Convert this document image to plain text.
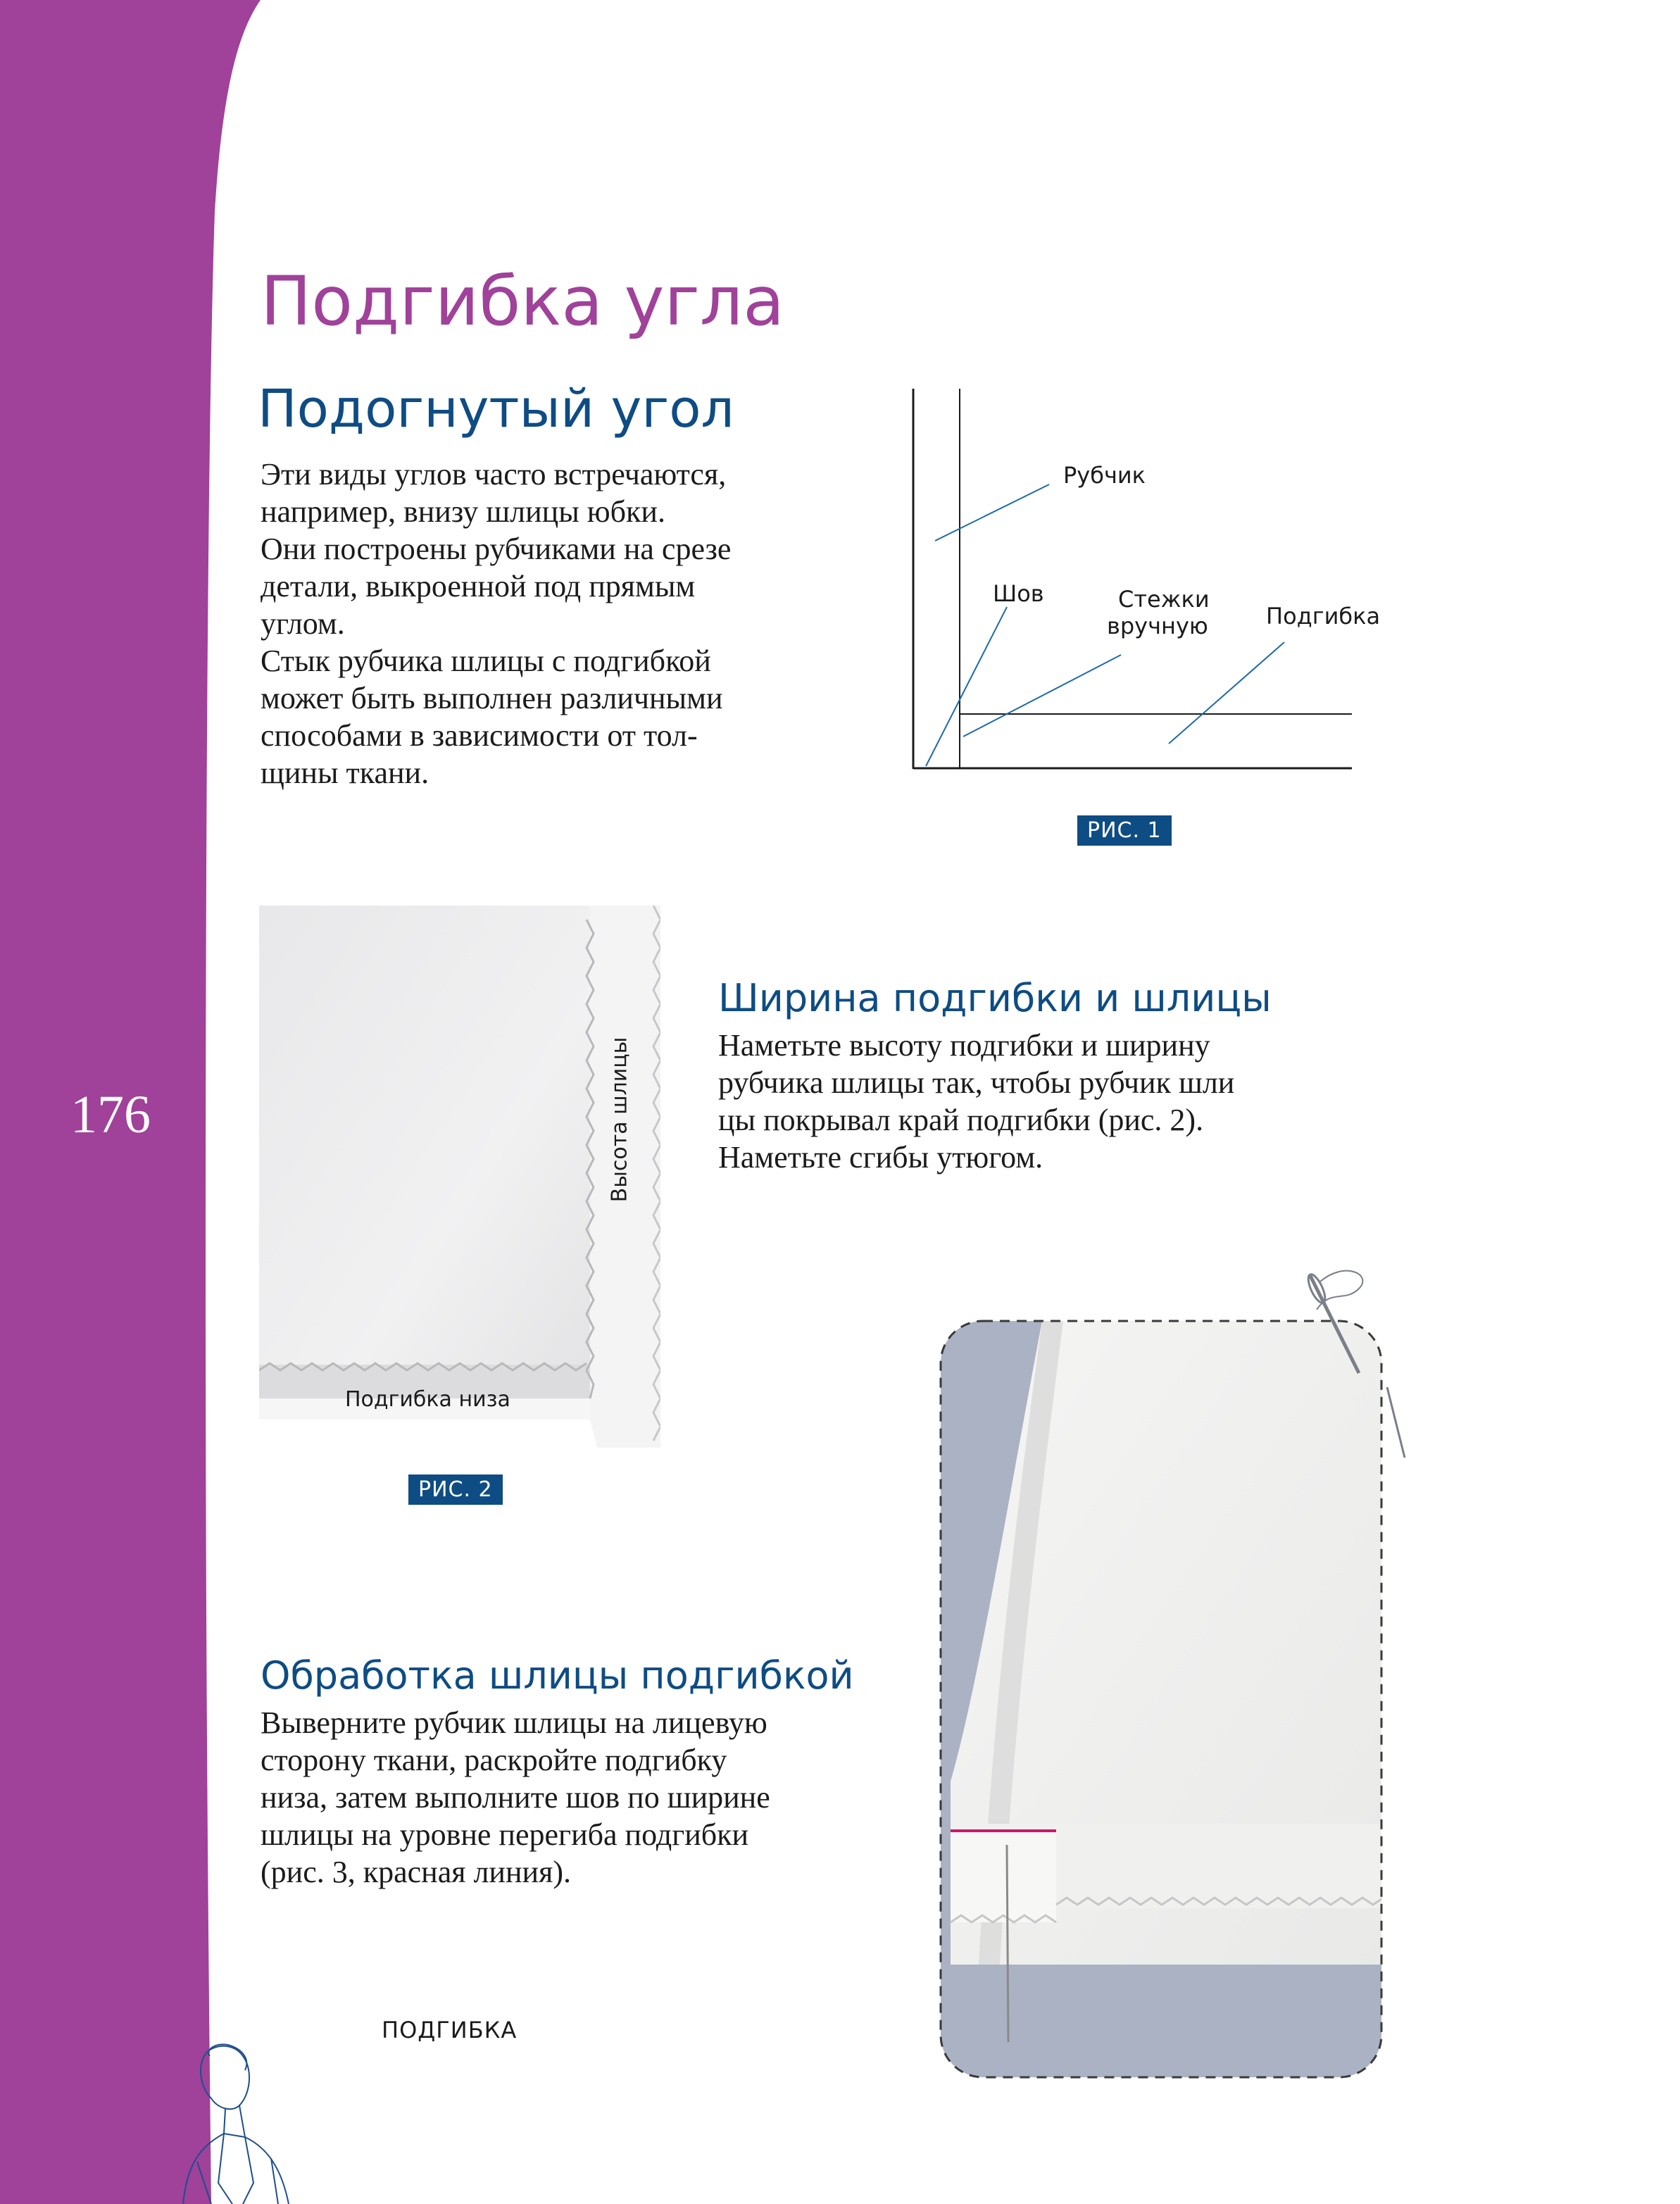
176
Подгибка угла
Подогнутый угол
Эти виды углов часто встречаются,
например, внизу шлицы юбки.
Они построены рубчиками на срезе
детали, выкроенной под прямым
углом.
Стык рубчика шлицы с подгибкой
может быть выполнен различными
способами в зависимости от тол-
щины ткани.
Рубчик
Шов	Стежки
вручную	Подгибка
РИС. 1
Высота шлицы
Подгибка низа
РИС. 2
Ширина подгибки и шлицы
Наметьте высоту подгибки и ширину
рубчика шлицы так, чтобы рубчик шли
цы покрывал край подгибки (рис. 2).
Наметьте сгибы утюгом.
Обработка шлицы подгибкой
Выверните рубчик шлицы на лицевую
сторону ткани, раскройте подгибку
низа, затем выполните шов по ширине
шлицы на уровне перегиба подгибки
(рис. 3, красная линия).
ПОДГИБКА
